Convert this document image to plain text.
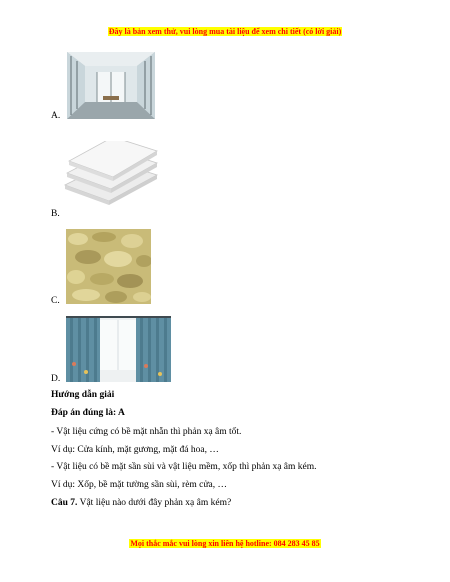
Đây là bản xem thử, vui lòng mua tài liệu để xem chi tiết (có lời giải)
A.
B.
C.
D.
Hướng dẫn giải
Đáp án đúng là: A
- Vật liệu cứng có bề mặt nhẵn thì phản xạ âm tốt.
Ví dụ: Cửa kính, mặt gương, mặt đá hoa, …
- Vật liệu có bề mặt sần sùi và vật liệu mềm, xốp thì phản xạ âm kém.
Ví dụ: Xốp, bề mặt tường sần sùi, rèm cửa, …
Câu 7. Vật liệu nào dưới đây phản xạ âm kém?
Mọi thắc mắc vui lòng xin liên hệ hotline: 084 283 45 85
